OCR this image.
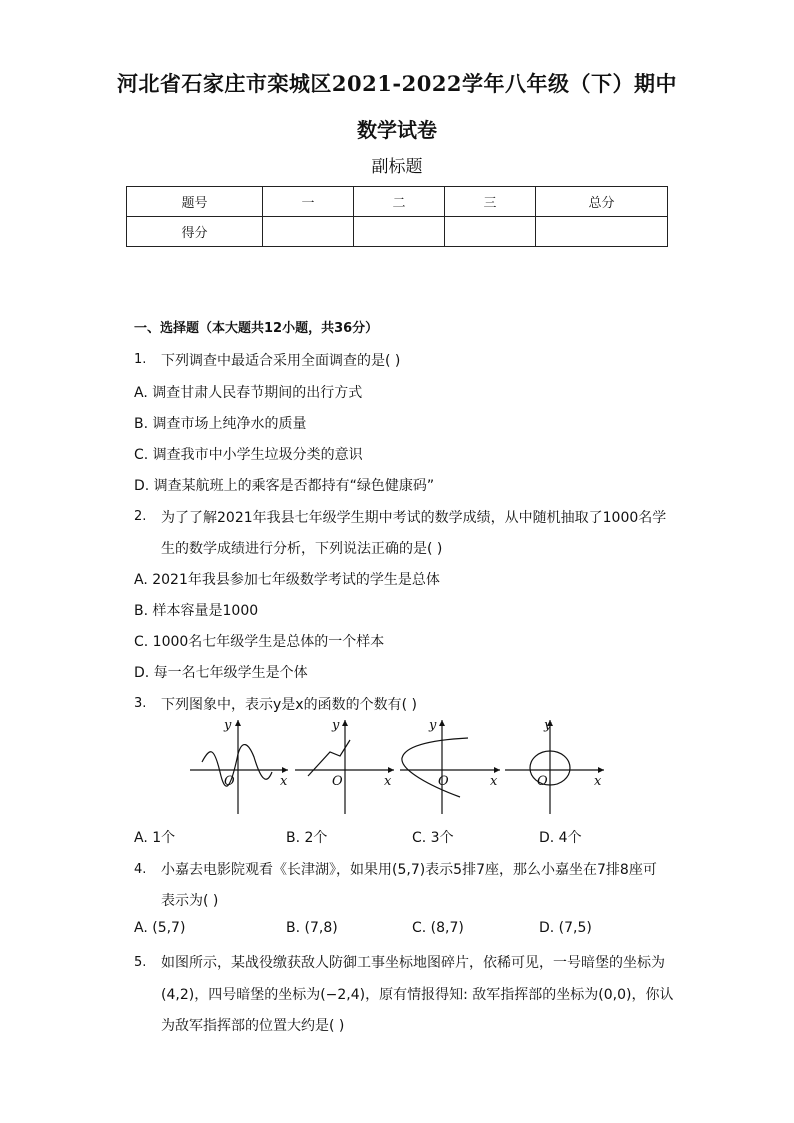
河北省石家庄市栾城区2021-2022学年八年级（下）期中
数学试卷
副标题
题号	一	二	三	总分
得分				
一、选择题（本大题共12小题，共36分）
1. 下列调查中最适合采用全面调查的是( )
A. 调查甘肃人民春节期间的出行方式
B. 调查市场上纯净水的质量
C. 调查我市中小学生垃圾分类的意识
D. 调查某航班上的乘客是否都持有“绿色健康码”
2. 为了了解2021年我县七年级学生期中考试的数学成绩，从中随机抽取了1000名学
生的数学成绩进行分析，下列说法正确的是( )
A. 2021年我县参加七年级数学考试的学生是总体
B. 样本容量是1000
C. 1000名七年级学生是总体的一个样本
D. 每一名七年级学生是个体
3. 下列图象中，表示y是x的函数的个数有( )
y
O	x
y
O	x
y
O	x
y
O	x
A. 1个	B. 2个	C. 3个	D. 4个
4. 小嘉去电影院观看《长津湖》，如果用(5,7)表示5排7座，那么小嘉坐在7排8座可
表示为( )
A. (5,7)	B. (7,8)	C. (8,7)	D. (7,5)
5. 如图所示，某战役缴获敌人防御工事坐标地图碎片，依稀可见，一号暗堡的坐标为
(4,2)，四号暗堡的坐标为(−2,4)，原有情报得知: 敌军指挥部的坐标为(0,0)，你认
为敌军指挥部的位置大约是( )
